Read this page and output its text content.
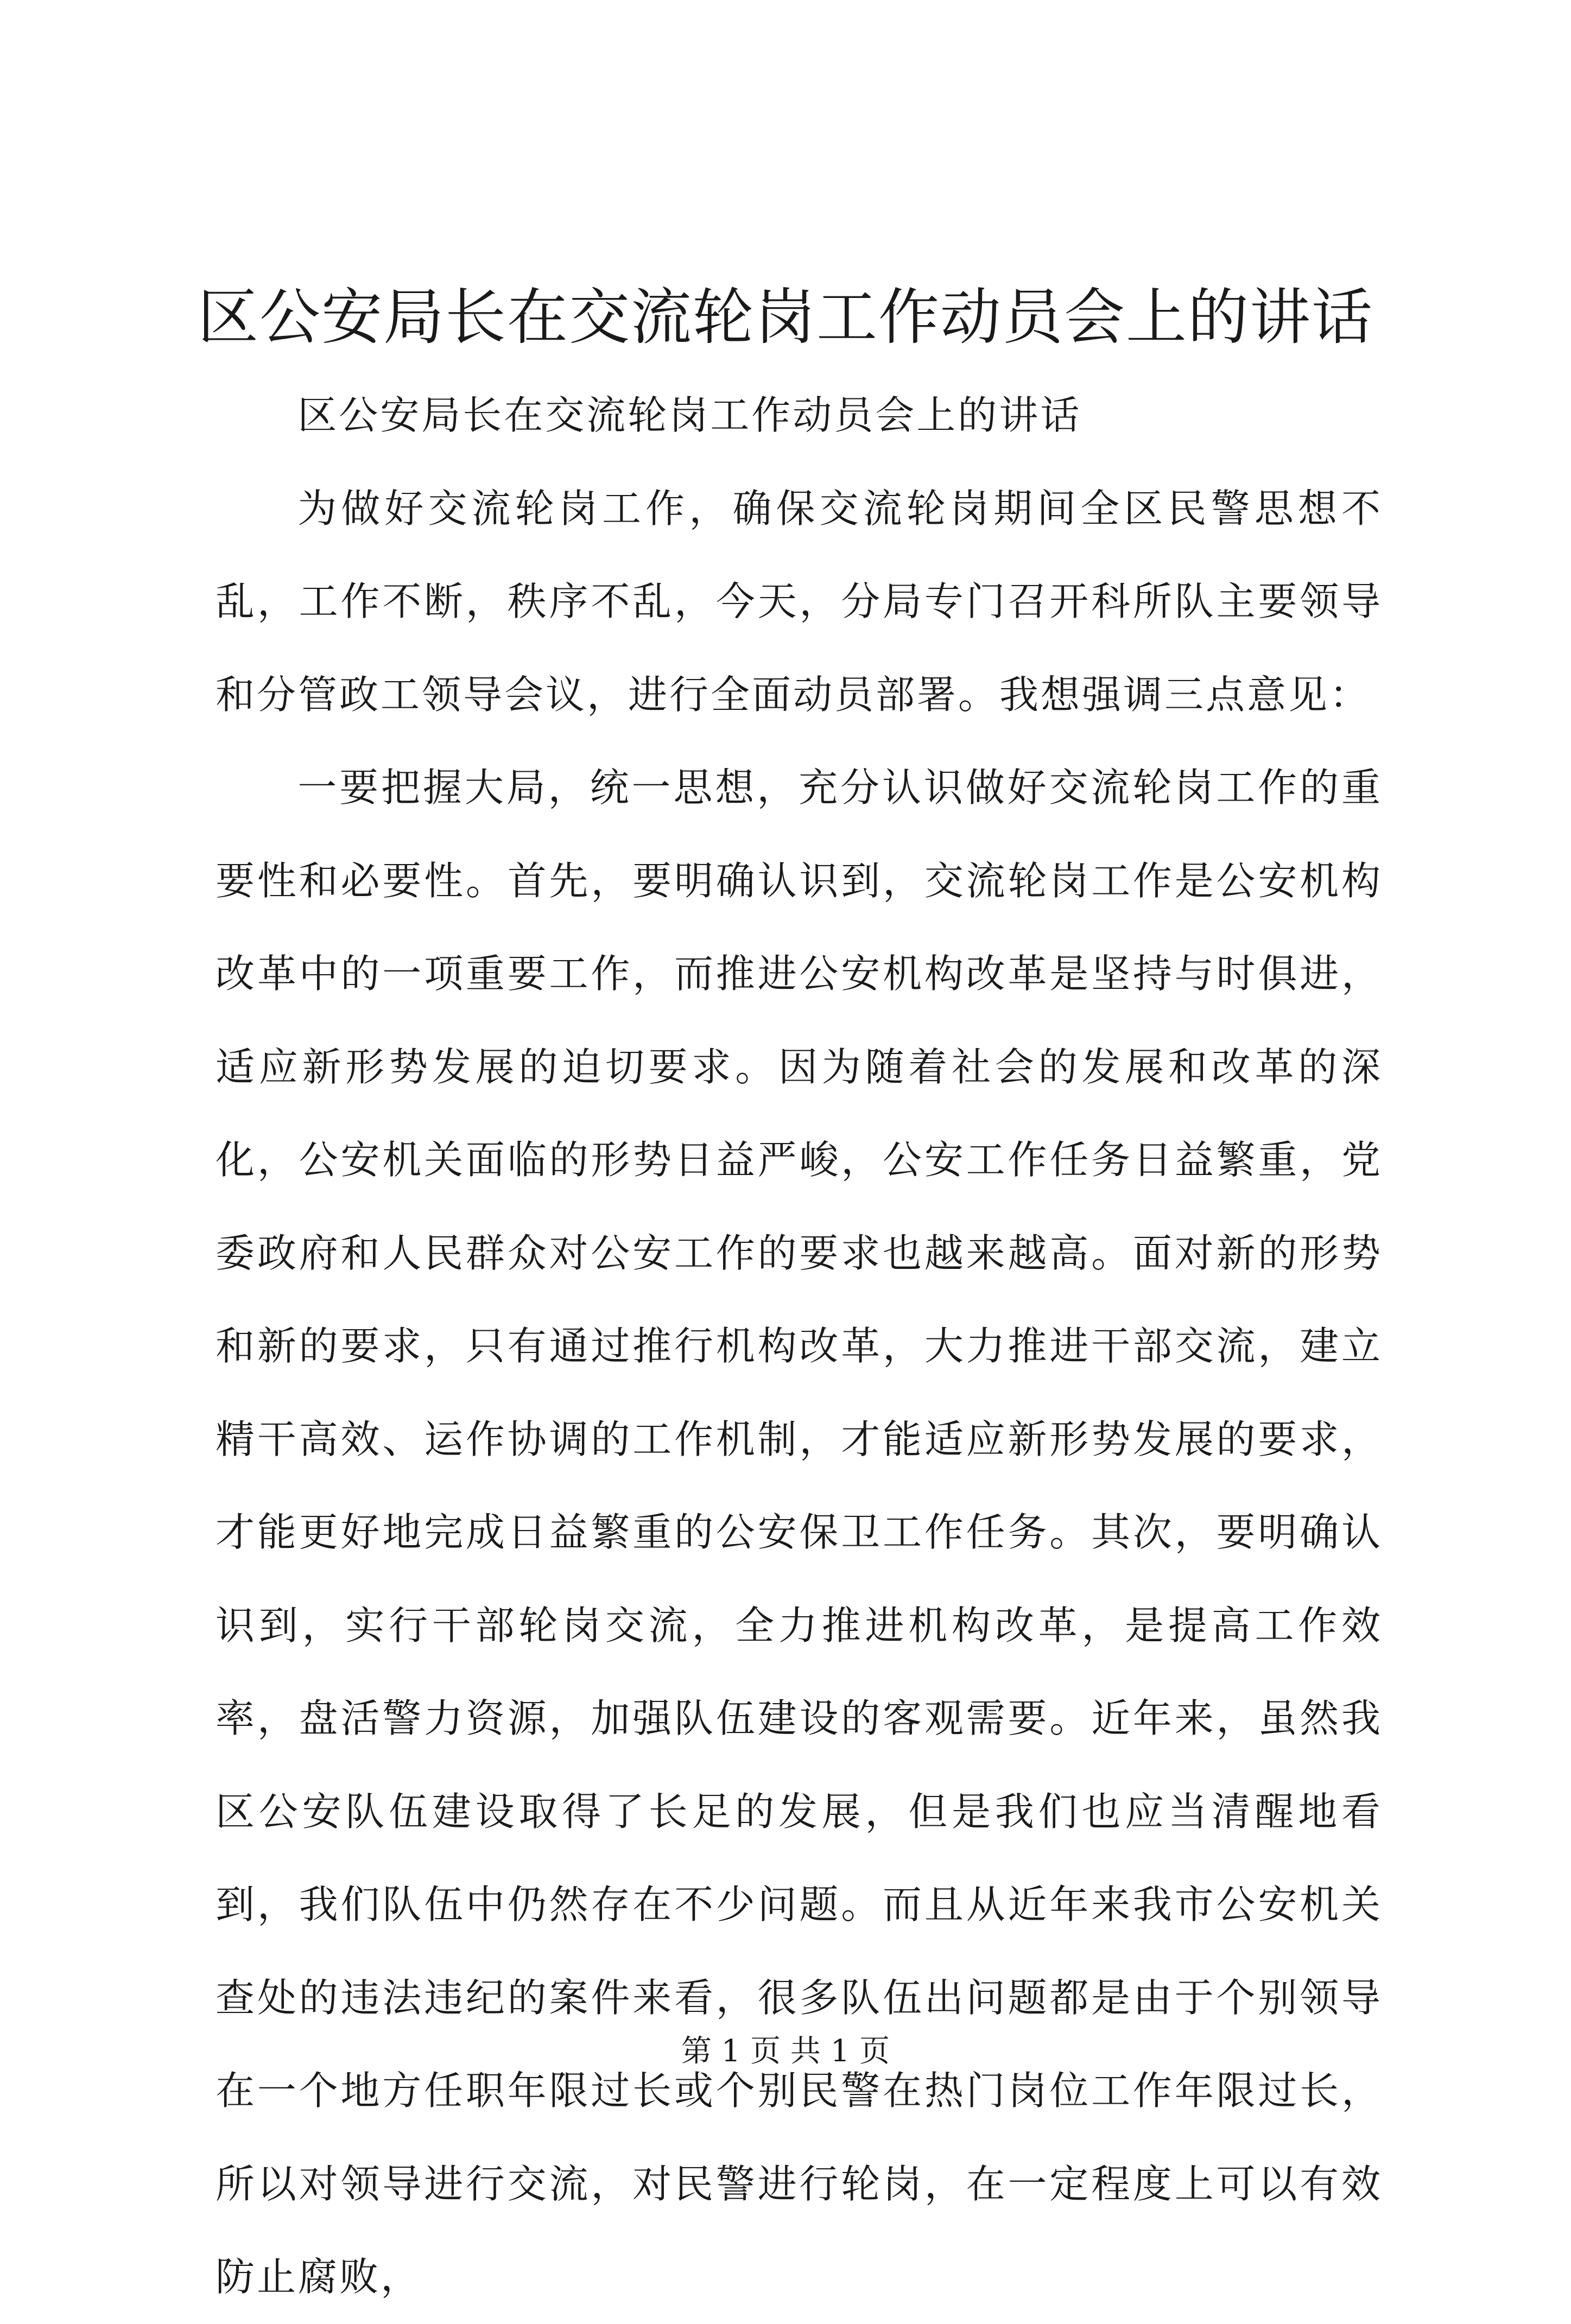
区公安局长在交流轮岗工作动员会上的讲话

区公安局长在交流轮岗工作动员会上的讲话

为做好交流轮岗工作，确保交流轮岗期间全区民警思想不乱，工作不断，秩序不乱，今天，分局专门召开科所队主要领导和分管政工领导会议，进行全面动员部署。我想强调三点意见：

一要把握大局，统一思想，充分认识做好交流轮岗工作的重要性和必要性。首先，要明确认识到，交流轮岗工作是公安机构改革中的一项重要工作，而推进公安机构改革是坚持与时俱进，适应新形势发展的迫切要求。因为随着社会的发展和改革的深化，公安机关面临的形势日益严峻，公安工作任务日益繁重，党委政府和人民群众对公安工作的要求也越来越高。面对新的形势和新的要求，只有通过推行机构改革，大力推进干部交流，建立精干高效、运作协调的工作机制，才能适应新形势发展的要求，才能更好地完成日益繁重的公安保卫工作任务。其次，要明确认识到，实行干部轮岗交流，全力推进机构改革，是提高工作效率，盘活警力资源，加强队伍建设的客观需要。近年来，虽然我区公安队伍建设取得了长足的发展，但是我们也应当清醒地看到，我们队伍中仍然存在不少问题。而且从近年来我市公安机关查处的违法违纪的案件来看，很多队伍出问题都是由于个别领导在一个地方任职年限过长或个别民警在热门岗位工作年限过长，所以对领导进行交流，对民警进行轮岗，在一定程度上可以有效防止腐败，

第 1 页 共 1 页
